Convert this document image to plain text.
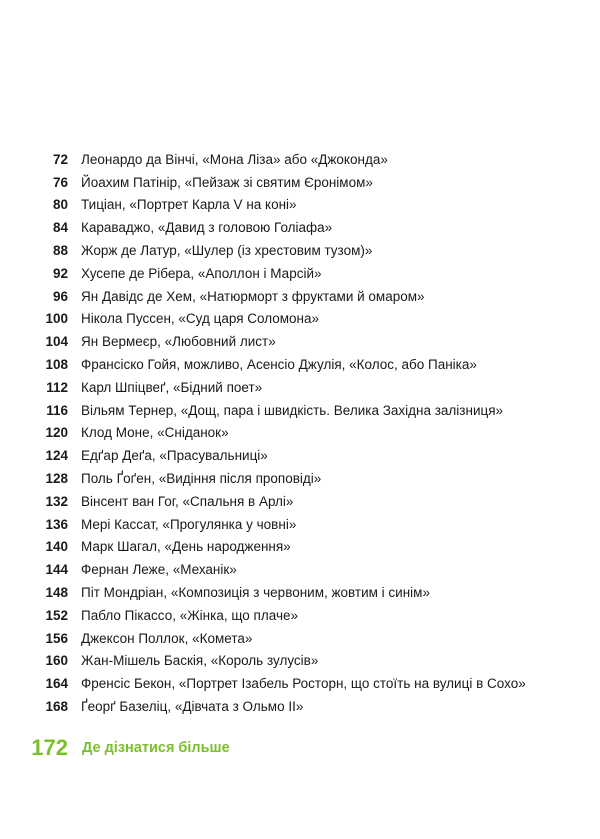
72 Леонардо да Вінчі, «Мона Ліза» або «Джоконда»
76 Йоахим Патінір, «Пейзаж зі святим Єронімом»
80 Тиціан, «Портрет Карла V на коні»
84 Караваджо, «Давид з головою Голіафа»
88 Жорж де Латур, «Шулер (із хрестовим тузом)»
92 Хусепе де Рібера, «Аполлон і Марсій»
96 Ян Давідс де Хем, «Натюрморт з фруктами й омаром»
100 Нікола Пуссен, «Суд царя Соломона»
104 Ян Вермеєр, «Любовний лист»
108 Франсіско Гойя, можливо, Асенсіо Джулія, «Колос, або Паніка»
112 Карл Шпіцвеґ, «Бідний поет»
116 Вільям Тернер, «Дощ, пара і швидкість. Велика Західна залізниця»
120 Клод Моне, «Сніданок»
124 Едґар Деґа, «Прасувальниці»
128 Поль Ґоґен, «Видіння після проповіді»
132 Вінсент ван Гог, «Спальня в Арлі»
136 Мері Кассат, «Прогулянка у човні»
140 Марк Шагал, «День народження»
144 Фернан Леже, «Механік»
148 Піт Мондріан, «Композиція з червоним, жовтим і синім»
152 Пабло Пікассо, «Жінка, що плаче»
156 Джексон Поллок, «Комета»
160 Жан-Мішель Баскія, «Король зулусів»
164 Френсіс Бекон, «Портрет Ізабель Росторн, що стоїть на вулиці в Сохо»
168 Ґеорґ Базеліц, «Дівчата з Ольмо II»
172 Де дізнатися більше
